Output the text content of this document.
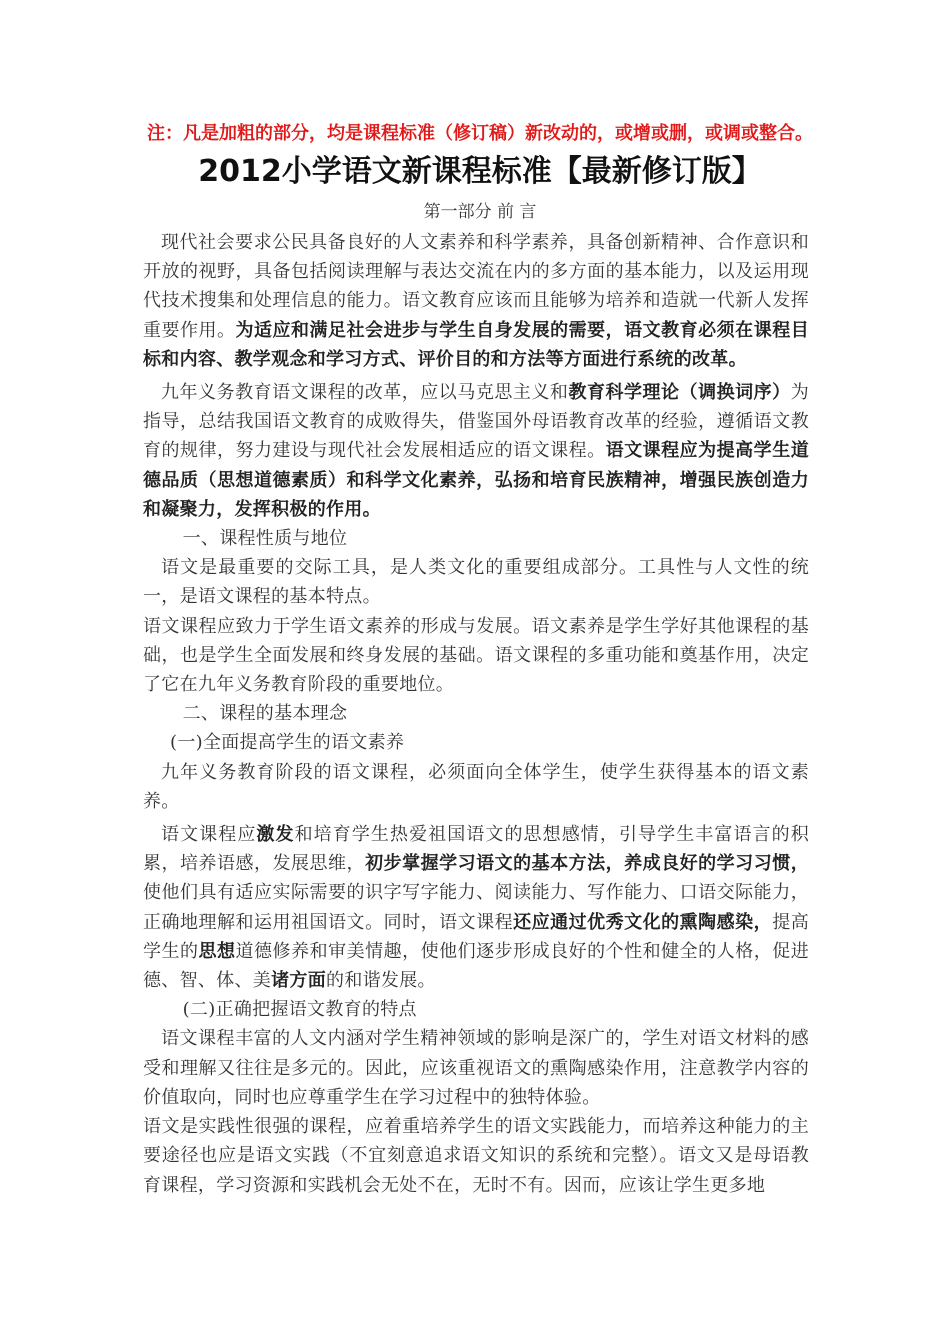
注：凡是加粗的部分，均是课程标准（修订稿）新改动的，或增或删，或调或整合。
2012小学语文新课程标准【最新修订版】
第一部分 前 言

现代社会要求公民具备良好的人文素养和科学素养，具备创新精神、合作意识和开放的视野，具备包括阅读理解与表达交流在内的多方面的基本能力，以及运用现代技术搜集和处理信息的能力。语文教育应该而且能够为培养和造就一代新人发挥重要作用。为适应和满足社会进步与学生自身发展的需要，语文教育必须在课程目标和内容、教学观念和学习方式、评价目的和方法等方面进行系统的改革。

九年义务教育语文课程的改革，应以马克思主义和教育科学理论（调换词序）为指导，总结我国语文教育的成败得失，借鉴国外母语教育改革的经验，遵循语文教育的规律，努力建设与现代社会发展相适应的语文课程。语文课程应为提高学生道德品质（思想道德素质）和科学文化素养，弘扬和培育民族精神，增强民族创造力和凝聚力，发挥积极的作用。

一、课程性质与地位

语文是最重要的交际工具，是人类文化的重要组成部分。工具性与人文性的统一，是语文课程的基本特点。

语文课程应致力于学生语文素养的形成与发展。语文素养是学生学好其他课程的基础，也是学生全面发展和终身发展的基础。语文课程的多重功能和奠基作用，决定了它在九年义务教育阶段的重要地位。

二、课程的基本理念

(一)全面提高学生的语文素养

九年义务教育阶段的语文课程，必须面向全体学生，使学生获得基本的语文素养。

语文课程应激发和培育学生热爱祖国语文的思想感情，引导学生丰富语言的积累，培养语感，发展思维，初步掌握学习语文的基本方法，养成良好的学习习惯，使他们具有适应实际需要的识字写字能力、阅读能力、写作能力、口语交际能力，正确地理解和运用祖国语文。同时，语文课程还应通过优秀文化的熏陶感染，提高学生的思想道德修养和审美情趣，使他们逐步形成良好的个性和健全的人格，促进德、智、体、美诸方面的和谐发展。

(二)正确把握语文教育的特点

语文课程丰富的人文内涵对学生精神领域的影响是深广的，学生对语文材料的感受和理解又往往是多元的。因此，应该重视语文的熏陶感染作用，注意教学内容的价值取向，同时也应尊重学生在学习过程中的独特体验。

语文是实践性很强的课程，应着重培养学生的语文实践能力，而培养这种能力的主要途径也应是语文实践（不宜刻意追求语文知识的系统和完整）。语文又是母语教育课程，学习资源和实践机会无处不在，无时不有。因而，应该让学生更多地
